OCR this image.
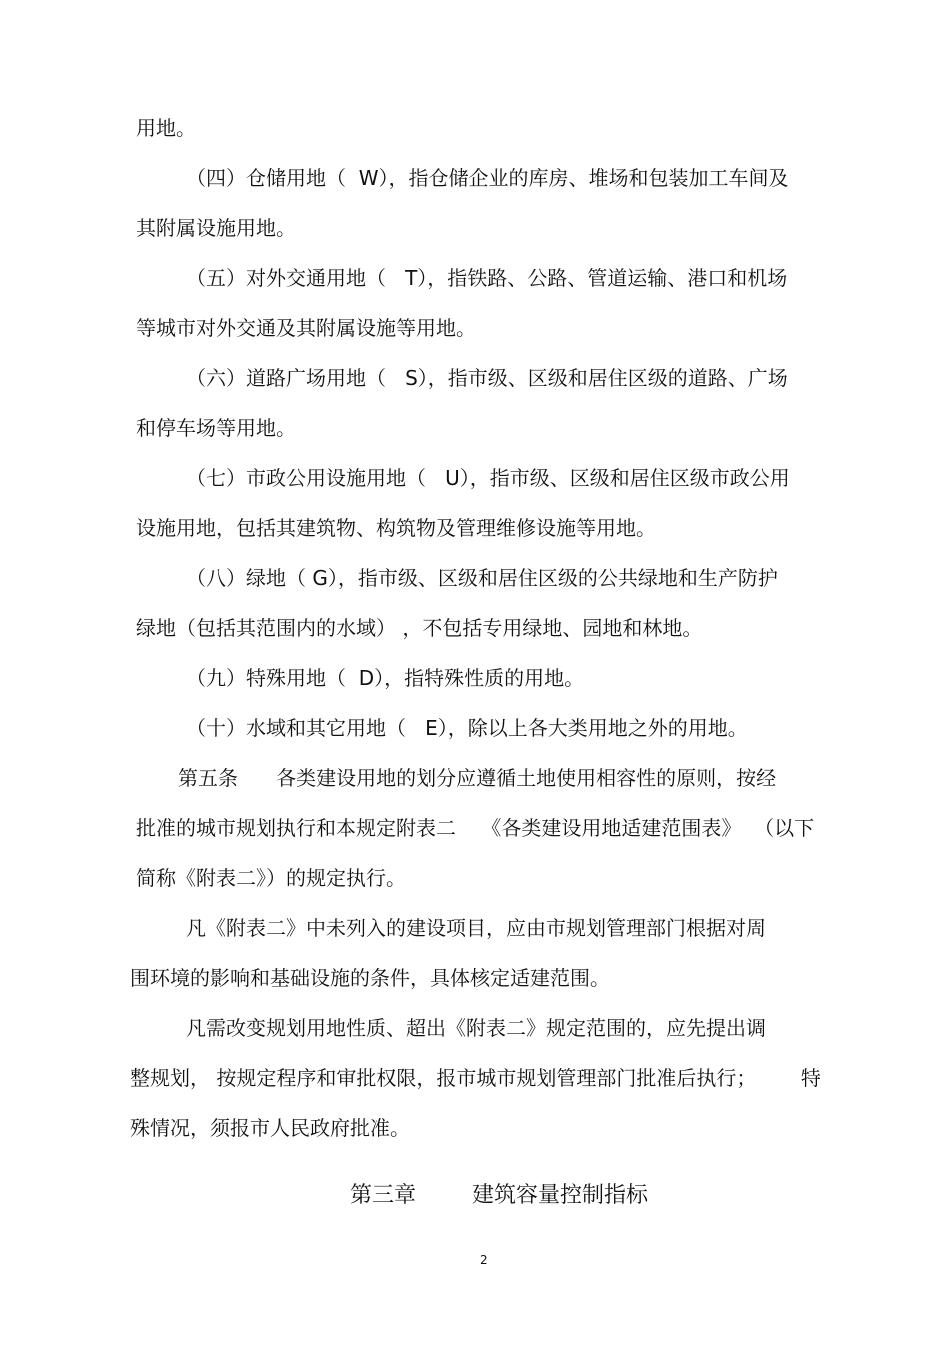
用地。

（四）仓储用地（  W），指仓储企业的库房、堆场和包装加工车间及

其附属设施用地。

（五）对外交通用地（   T），指铁路、公路、管道运输、港口和机场

等城市对外交通及其附属设施等用地。

（六）道路广场用地（   S），指市级、区级和居住区级的道路、广场

和停车场等用地。

（七）市政公用设施用地（   U），指市级、区级和居住区级市政公用

设施用地，包括其建筑物、构筑物及管理维修设施等用地。

（八）绿地（ G），指市级、区级和居住区级的公共绿地和生产防护

绿地（包括其范围内的水域） ，不包括专用绿地、园地和林地。

（九）特殊用地（  D），指特殊性质的用地。

（十）水域和其它用地（   E），除以上各大类用地之外的用地。

第五条      各类建设用地的划分应遵循土地使用相容性的原则，按经

批准的城市规划执行和本规定附表二    《各类建设用地适建范围表》  （以下

简称《附表二》）的规定执行。

凡《附表二》中未列入的建设项目，应由市规划管理部门根据对周

围环境的影响和基础设施的条件，具体核定适建范围。

凡需改变规划用地性质、超出《附表二》规定范围的，应先提出调

整规划， 按规定程序和审批权限，报市城市规划管理部门批准后执行；       特

殊情况，须报市人民政府批准。

第三章        建筑容量控制指标
2
